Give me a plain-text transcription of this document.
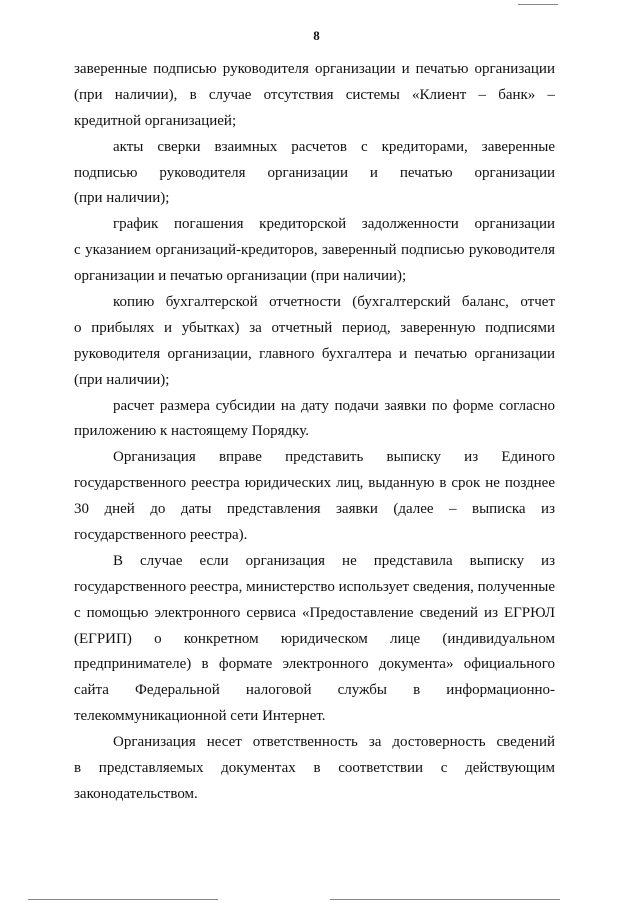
8
заверенные подписью руководителя организации и печатью организации
(при наличии), в случае отсутствия системы «Клиент – банк» –
кредитной организацией;
акты сверки взаимных расчетов с кредиторами, заверенные
подписью руководителя организации и печатью организации
(при наличии);
график погашения кредиторской задолженности организации
с указанием организаций-кредиторов, заверенный подписью руководителя
организации и печатью организации (при наличии);
копию бухгалтерской отчетности (бухгалтерский баланс, отчет
о прибылях и убытках) за отчетный период, заверенную подписями
руководителя организации, главного бухгалтера и печатью организации
(при наличии);
расчет размера субсидии на дату подачи заявки по форме согласно
приложению к настоящему Порядку.
Организация вправе представить выписку из Единого
государственного реестра юридических лиц, выданную в срок не позднее
30 дней до даты представления заявки (далее – выписка из
государственного реестра).
В случае если организация не представила выписку из
государственного реестра, министерство использует сведения, полученные
с помощью электронного сервиса «Предоставление сведений из ЕГРЮЛ
(ЕГРИП) о конкретном юридическом лице (индивидуальном
предпринимателе) в формате электронного документа» официального
сайта Федеральной налоговой службы в информационно-
телекоммуникационной сети Интернет.
Организация несет ответственность за достоверность сведений
в представляемых документах в соответствии с действующим
законодательством.
